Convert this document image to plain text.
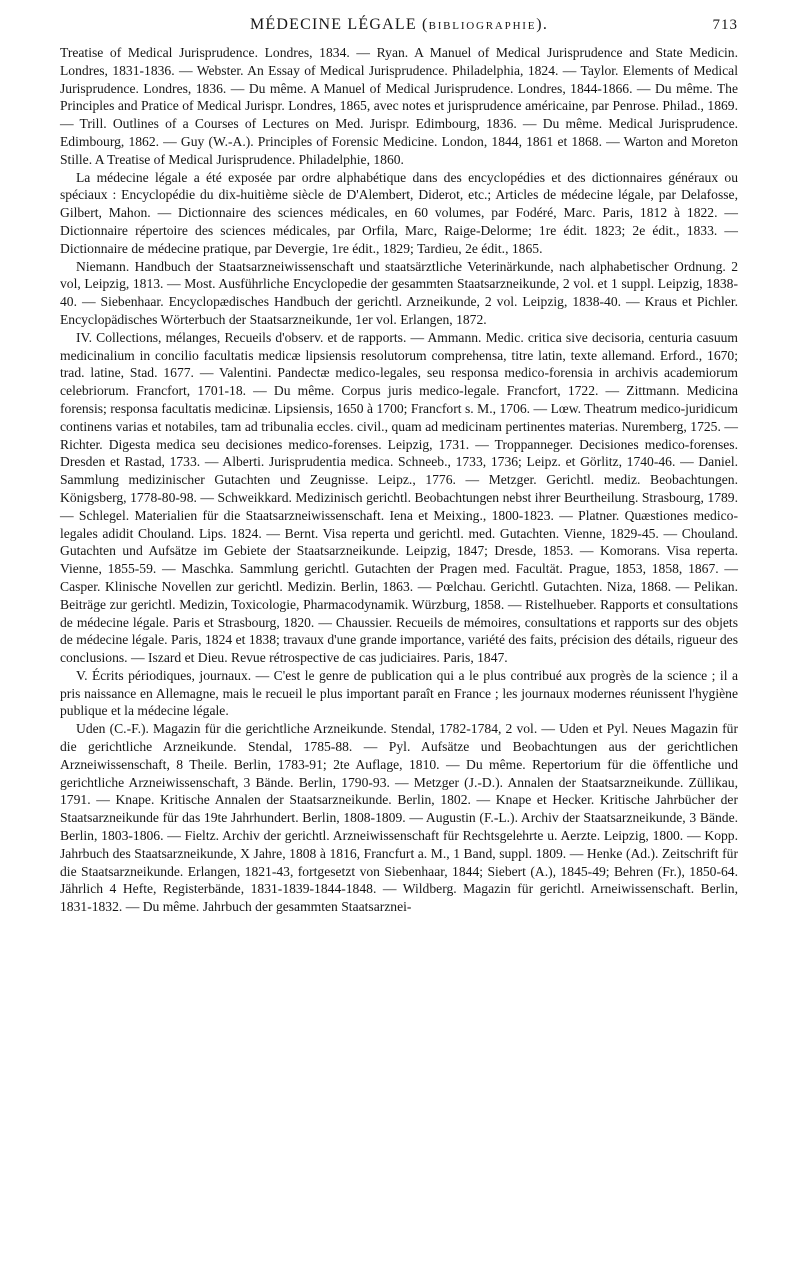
MÉDECINE LÉGALE (BIBLIOGRAPHIE).	713

Treatise of Medical Jurisprudence. Londres, 1834. — Ryan. A Manuel of Medical Jurisprudence and State Medicin. Londres, 1831-1836. — Webster. An Essay of Medical Jurisprudence. Philadelphia, 1824. — Taylor. Elements of Medical Jurisprudence. Londres, 1836. — Du même. A Manuel of Medical Jurisprudence. Londres, 1844-1866. — Du même. The Principles and Pratice of Medical Jurispr. Londres, 1865, avec notes et jurisprudence américaine, par Penrose. Philad., 1869. — Trill. Outlines of a Courses of Lectures on Med. Jurispr. Edimbourg, 1836. — Du même. Medical Jurisprudence. Edimbourg, 1862. — Guy (W.-A.). Principles of Forensic Medicine. London, 1844, 1861 et 1868. — Warton and Moreton Stille. A Treatise of Medical Jurisprudence. Philadelphie, 1860.

La médecine légale a été exposée par ordre alphabétique dans des encyclopédies et des dictionnaires généraux ou spéciaux : Encyclopédie du dix-huitième siècle de D'Alembert, Diderot, etc.; Articles de médecine légale, par Delafosse, Gilbert, Mahon. — Dictionnaire des sciences médicales, en 60 volumes, par Fodéré, Marc. Paris, 1812 à 1822. — Dictionnaire répertoire des sciences médicales, par Orfila, Marc, Raige-Delorme; 1re édit. 1823; 2e édit., 1833. — Dictionnaire de médecine pratique, par Devergie, 1re édit., 1829; Tardieu, 2e édit., 1865.

Niemann. Handbuch der Staatsarzneiwissenschaft und staatsärztliche Veterinärkunde, nach alphabetischer Ordnung. 2 vol, Leipzig, 1813. — Most. Ausführliche Encyclopedie der gesammten Staatsarzneikunde, 2 vol. et 1 suppl. Leipzig, 1838-40. — Siebenhaar. Encyclopædisches Handbuch der gerichtl. Arzneikunde, 2 vol. Leipzig, 1838-40. — Kraus et Pichler. Encyclopädisches Wörterbuch der Staatsarzneikunde, 1er vol. Erlangen, 1872.

IV. Collections, mélanges, Recueils d'observ. et de rapports. — Ammann. Medic. critica sive decisoria, centuria casuum medicinalium in concilio facultatis medicæ lipsiensis resolutorum comprehensa, titre latin, texte allemand. Erford., 1670; trad. latine, Stad. 1677. — Valentini. Pandectæ medico-legales, seu responsa medico-forensia in archivis academiorum celebriorum. Francfort, 1701-18. — Du même. Corpus juris medico-legale. Francfort, 1722. — Zittmann. Medicina forensis; responsa facultatis medicinæ. Lipsiensis, 1650 à 1700; Francfort s. M., 1706. — Lœw. Theatrum medico-juridicum continens varias et notabiles, tam ad tribunalia eccles. civil., quam ad medicinam pertinentes materias. Nuremberg, 1725. — Richter. Digesta medica seu decisiones medico-forenses. Leipzig, 1731. — Troppanneger. Decisiones medico-forenses. Dresden et Rastad, 1733. — Alberti. Jurisprudentia medica. Schneeb., 1733, 1736; Leipz. et Görlitz, 1740-46. — Daniel. Sammlung medizinischer Gutachten und Zeugnisse. Leipz., 1776. — Metzger. Gerichtl. mediz. Beobachtungen. Königsberg, 1778-80-98. — Schweikkard. Medizinisch gerichtl. Beobachtungen nebst ihrer Beurtheilung. Strasbourg, 1789. — Schlegel. Materialien für die Staatsarzneiwissenschaft. Iena et Meixing., 1800-1823. — Platner. Quæstiones medico-legales adidit Chouland. Lips. 1824. — Bernt. Visa reperta und gerichtl. med. Gutachten. Vienne, 1829-45. — Chouland. Gutachten und Aufsätze im Gebiete der Staatsarzneikunde. Leipzig, 1847; Dresde, 1853. — Komorans. Visa reperta. Vienne, 1855-59. — Maschka. Sammlung gerichtl. Gutachten der Pragen med. Facultät. Prague, 1853, 1858, 1867. — Casper. Klinische Novellen zur gerichtl. Medizin. Berlin, 1863. — Pœlchau. Gerichtl. Gutachten. Niza, 1868. — Pelikan. Beiträge zur gerichtl. Medizin, Toxicologie, Pharmacodynamik. Würzburg, 1858. — Ristelhueber. Rapports et consultations de médecine légale. Paris et Strasbourg, 1820. — Chaussier. Recueils de mémoires, consultations et rapports sur des objets de médecine légale. Paris, 1824 et 1838; travaux d'une grande importance, variété des faits, précision des détails, rigueur des conclusions. — Iszard et Dieu. Revue rétrospective de cas judiciaires. Paris, 1847.

V. Écrits périodiques, journaux. — C'est le genre de publication qui a le plus contribué aux progrès de la science ; il a pris naissance en Allemagne, mais le recueil le plus important paraît en France ; les journaux modernes réunissent l'hygiène publique et la médecine légale.

Uden (C.-F.). Magazin für die gerichtliche Arzneikunde. Stendal, 1782-1784, 2 vol. — Uden et Pyl. Neues Magazin für die gerichtliche Arzneikunde. Stendal, 1785-88. — Pyl. Aufsätze und Beobachtungen aus der gerichtlichen Arzneiwissenschaft, 8 Theile. Berlin, 1783-91; 2te Auflage, 1810. — Du même. Repertorium für die öffentliche und gerichtliche Arzneiwissenschaft, 3 Bände. Berlin, 1790-93. — Metzger (J.-D.). Annalen der Staatsarzneikunde. Züllikau, 1791. — Knape. Kritische Annalen der Staatsarzneikunde. Berlin, 1802. — Knape et Hecker. Kritische Jahrbücher der Staatsarzneikunde für das 19te Jahrhundert. Berlin, 1808-1809. — Augustin (F.-L.). Archiv der Staatsarzneikunde, 3 Bände. Berlin, 1803-1806. — Fieltz. Archiv der gerichtl. Arzneiwissenschaft für Rechtsgelehrte u. Aerzte. Leipzig, 1800. — Kopp. Jahrbuch des Staatsarzneikunde, X Jahre, 1808 à 1816, Francfurt a. M., 1 Band, suppl. 1809. — Henke (Ad.). Zeitschrift für die Staatsarzneikunde. Erlangen, 1821-43, fortgesetzt von Siebenhaar, 1844; Siebert (A.), 1845-49; Behren (Fr.), 1850-64. Jährlich 4 Hefte, Registerbände, 1831-1839-1844-1848. — Wildberg. Magazin für gerichtl. Arneiwissenschaft. Berlin, 1831-1832. — Du même. Jahrbuch der gesammten Staatsarznei-
